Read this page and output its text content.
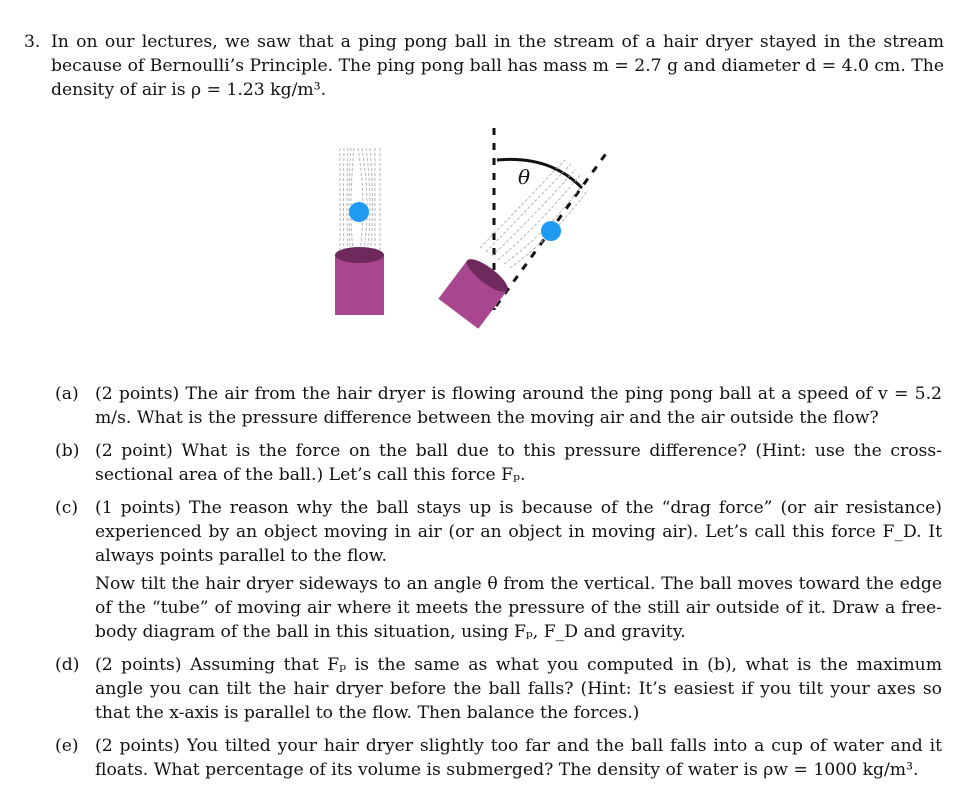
3. In on our lectures, we saw that a ping pong ball in the stream of a hair dryer stayed in the stream because of Bernoulli’s Principle. The ping pong ball has mass m = 2.7 g and diameter d = 4.0 cm. The density of air is ρ = 1.23 kg/m³.
θ
(a) (2 points) The air from the hair dryer is flowing around the ping pong ball at a speed of v = 5.2 m/s. What is the pressure difference between the moving air and the air outside the flow?
(b) (2 point) What is the force on the ball due to this pressure difference? (Hint: use the cross-sectional area of the ball.) Let’s call this force Fₚ.
(c) (1 points) The reason why the ball stays up is because of the “drag force” (or air resistance) experienced by an object moving in air (or an object in moving air). Let’s call this force F_D. It always points parallel to the flow.
Now tilt the hair dryer sideways to an angle θ from the vertical. The ball moves toward the edge of the “tube” of moving air where it meets the pressure of the still air outside of it. Draw a free-body diagram of the ball in this situation, using Fₚ, F_D and gravity.
(d) (2 points) Assuming that Fₚ is the same as what you computed in (b), what is the maximum angle you can tilt the hair dryer before the ball falls? (Hint: It’s easiest if you tilt your axes so that the x-axis is parallel to the flow. Then balance the forces.)
(e) (2 points) You tilted your hair dryer slightly too far and the ball falls into a cup of water and it floats. What percentage of its volume is submerged? The density of water is ρw = 1000 kg/m³.
